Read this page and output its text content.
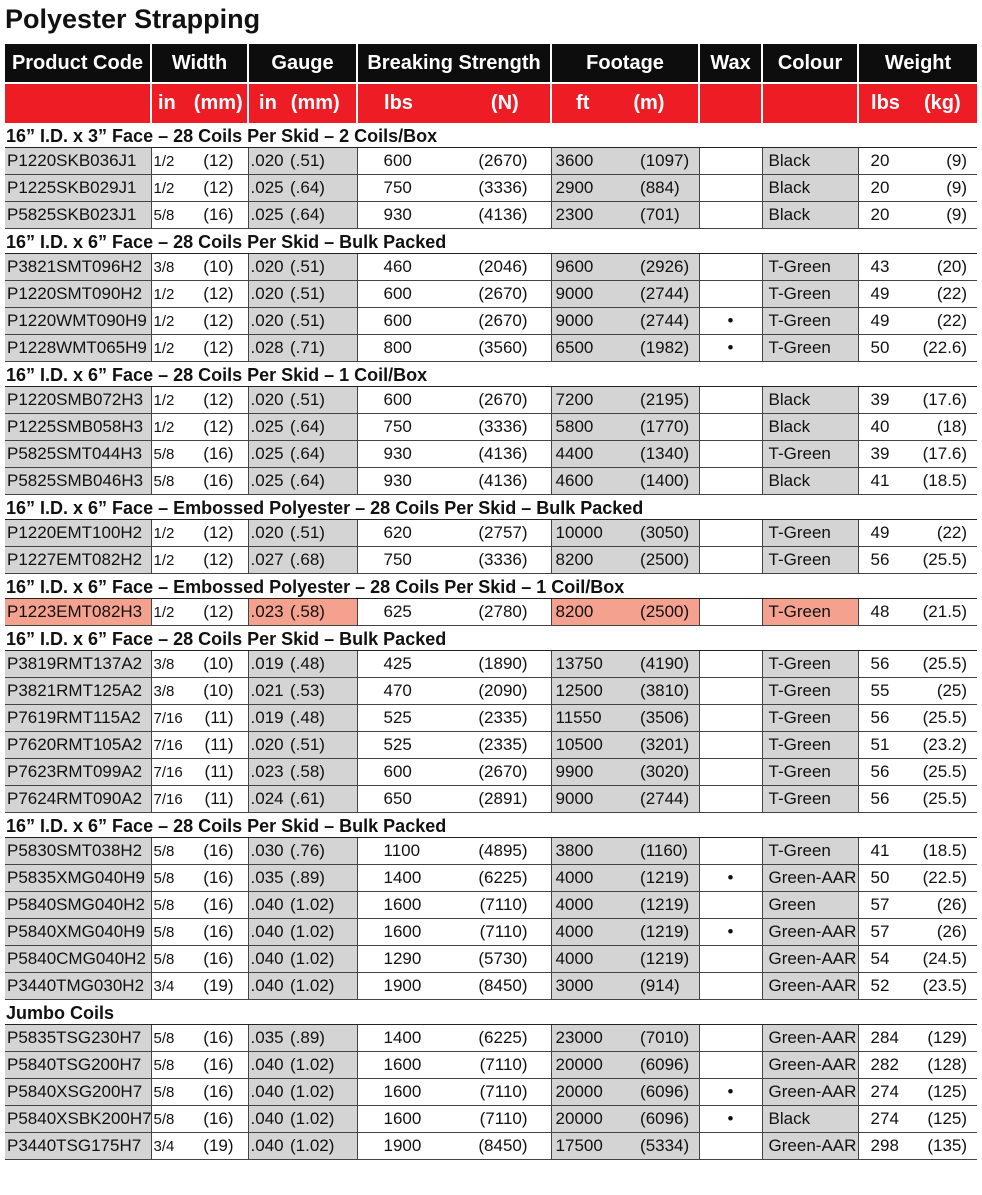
Polyester Strapping
Product Code	Width		Gauge		Breaking Strength		Footage		Wax	Colour	Weight	
	in (mm)		in (mm)		lbs (N)		ft (m)				lbs (kg)	
16” I.D. x 3” Face – 28 Coils Per Skid – 2 Coils/Box												
P1220SKB036J1	1/2	(12)	.020	(.51)	600	(2670)	3600	(1097)		Black	20	(9)
P1225SKB029J1	1/2	(12)	.025	(.64)	750	(3336)	2900	(884)		Black	20	(9)
P5825SKB023J1	5/8	(16)	.025	(.64)	930	(4136)	2300	(701)		Black	20	(9)
16” I.D. x 6” Face – 28 Coils Per Skid – Bulk Packed												
P3821SMT096H2	3/8	(10)	.020	(.51)	460	(2046)	9600	(2926)		T-Green	43	(20)
P1220SMT090H2	1/2	(12)	.020	(.51)	600	(2670)	9000	(2744)		T-Green	49	(22)
P1220WMT090H9	1/2	(12)	.020	(.51)	600	(2670)	9000	(2744)	•	T-Green	49	(22)
P1228WMT065H9	1/2	(12)	.028	(.71)	800	(3560)	6500	(1982)	•	T-Green	50	(22.6)
16” I.D. x 6” Face – 28 Coils Per Skid – 1 Coil/Box												
P1220SMB072H3	1/2	(12)	.020	(.51)	600	(2670)	7200	(2195)		Black	39	(17.6)
P1225SMB058H3	1/2	(12)	.025	(.64)	750	(3336)	5800	(1770)		Black	40	(18)
P5825SMT044H3	5/8	(16)	.025	(.64)	930	(4136)	4400	(1340)		T-Green	39	(17.6)
P5825SMB046H3	5/8	(16)	.025	(.64)	930	(4136)	4600	(1400)		Black	41	(18.5)
16” I.D. x 6” Face – Embossed Polyester – 28 Coils Per Skid – Bulk Packed												
P1220EMT100H2	1/2	(12)	.020	(.51)	620	(2757)	10000	(3050)		T-Green	49	(22)
P1227EMT082H2	1/2	(12)	.027	(.68)	750	(3336)	8200	(2500)		T-Green	56	(25.5)
16” I.D. x 6” Face – Embossed Polyester – 28 Coils Per Skid – 1 Coil/Box												
P1223EMT082H3	1/2	(12)	.023	(.58)	625	(2780)	8200	(2500)		T-Green	48	(21.5)
16” I.D. x 6” Face – 28 Coils Per Skid – Bulk Packed												
P3819RMT137A2	3/8	(10)	.019	(.48)	425	(1890)	13750	(4190)		T-Green	56	(25.5)
P3821RMT125A2	3/8	(10)	.021	(.53)	470	(2090)	12500	(3810)		T-Green	55	(25)
P7619RMT115A2	7/16	(11)	.019	(.48)	525	(2335)	11550	(3506)		T-Green	56	(25.5)
P7620RMT105A2	7/16	(11)	.020	(.51)	525	(2335)	10500	(3201)		T-Green	51	(23.2)
P7623RMT099A2	7/16	(11)	.023	(.58)	600	(2670)	9900	(3020)		T-Green	56	(25.5)
P7624RMT090A2	7/16	(11)	.024	(.61)	650	(2891)	9000	(2744)		T-Green	56	(25.5)
16” I.D. x 6” Face – 28 Coils Per Skid – Bulk Packed												
P5830SMT038H2	5/8	(16)	.030	(.76)	1100	(4895)	3800	(1160)		T-Green	41	(18.5)
P5835XMG040H9	5/8	(16)	.035	(.89)	1400	(6225)	4000	(1219)	•	Green-AAR	50	(22.5)
P5840SMG040H2	5/8	(16)	.040	(1.02)	1600	(7110)	4000	(1219)		Green	57	(26)
P5840XMG040H9	5/8	(16)	.040	(1.02)	1600	(7110)	4000	(1219)	•	Green-AAR	57	(26)
P5840CMG040H2	5/8	(16)	.040	(1.02)	1290	(5730)	4000	(1219)		Green-AAR	54	(24.5)
P3440TMG030H2	3/4	(19)	.040	(1.02)	1900	(8450)	3000	(914)		Green-AAR	52	(23.5)
Jumbo Coils												
P5835TSG230H7	5/8	(16)	.035	(.89)	1400	(6225)	23000	(7010)		Green-AAR	284	(129)
P5840TSG200H7	5/8	(16)	.040	(1.02)	1600	(7110)	20000	(6096)		Green-AAR	282	(128)
P5840XSG200H7	5/8	(16)	.040	(1.02)	1600	(7110)	20000	(6096)	•	Green-AAR	274	(125)
P5840XSBK200H7	5/8	(16)	.040	(1.02)	1600	(7110)	20000	(6096)	•	Black	274	(125)
P3440TSG175H7	3/4	(19)	.040	(1.02)	1900	(8450)	17500	(5334)		Green-AAR	298	(135)
